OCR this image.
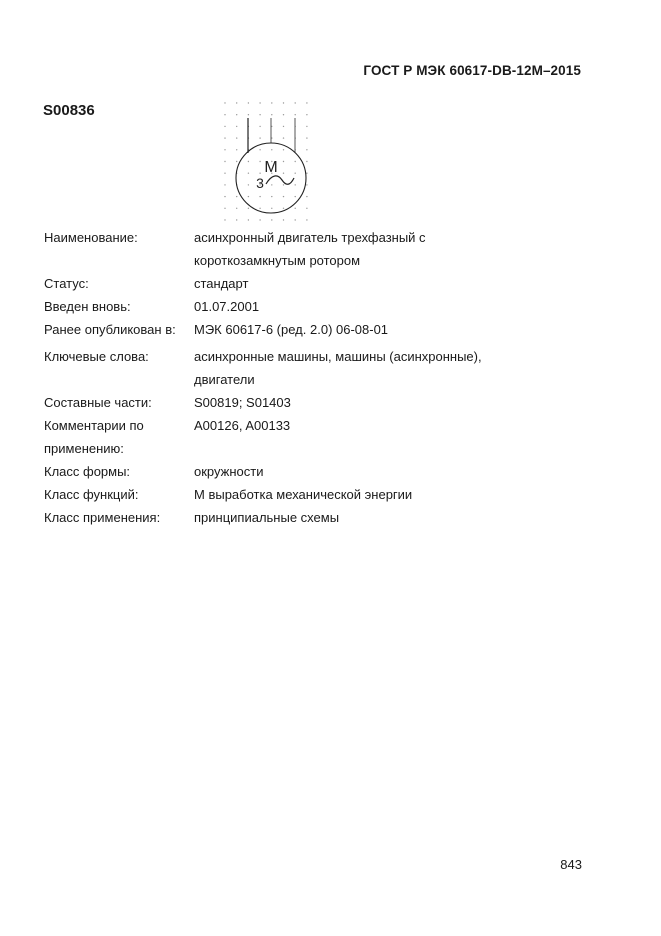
ГОСТ Р МЭК 60617-DB-12M–2015
S00836
M
3
Наименование:	асинхронный двигатель трехфазный с
короткозамкнутым ротором
Статус:	стандарт
Введен вновь:	01.07.2001
Ранее опубликован в:	МЭК 60617-6 (ред. 2.0) 06-08-01
Ключевые слова:	асинхронные машины, машины (асинхронные),
двигатели
Составные части:	S00819; S01403
Комментарии по	A00126, A00133
применению:
Класс формы:	окружности
Класс функций:	M выработка механической энергии
Класс применения:	принципиальные схемы
843
